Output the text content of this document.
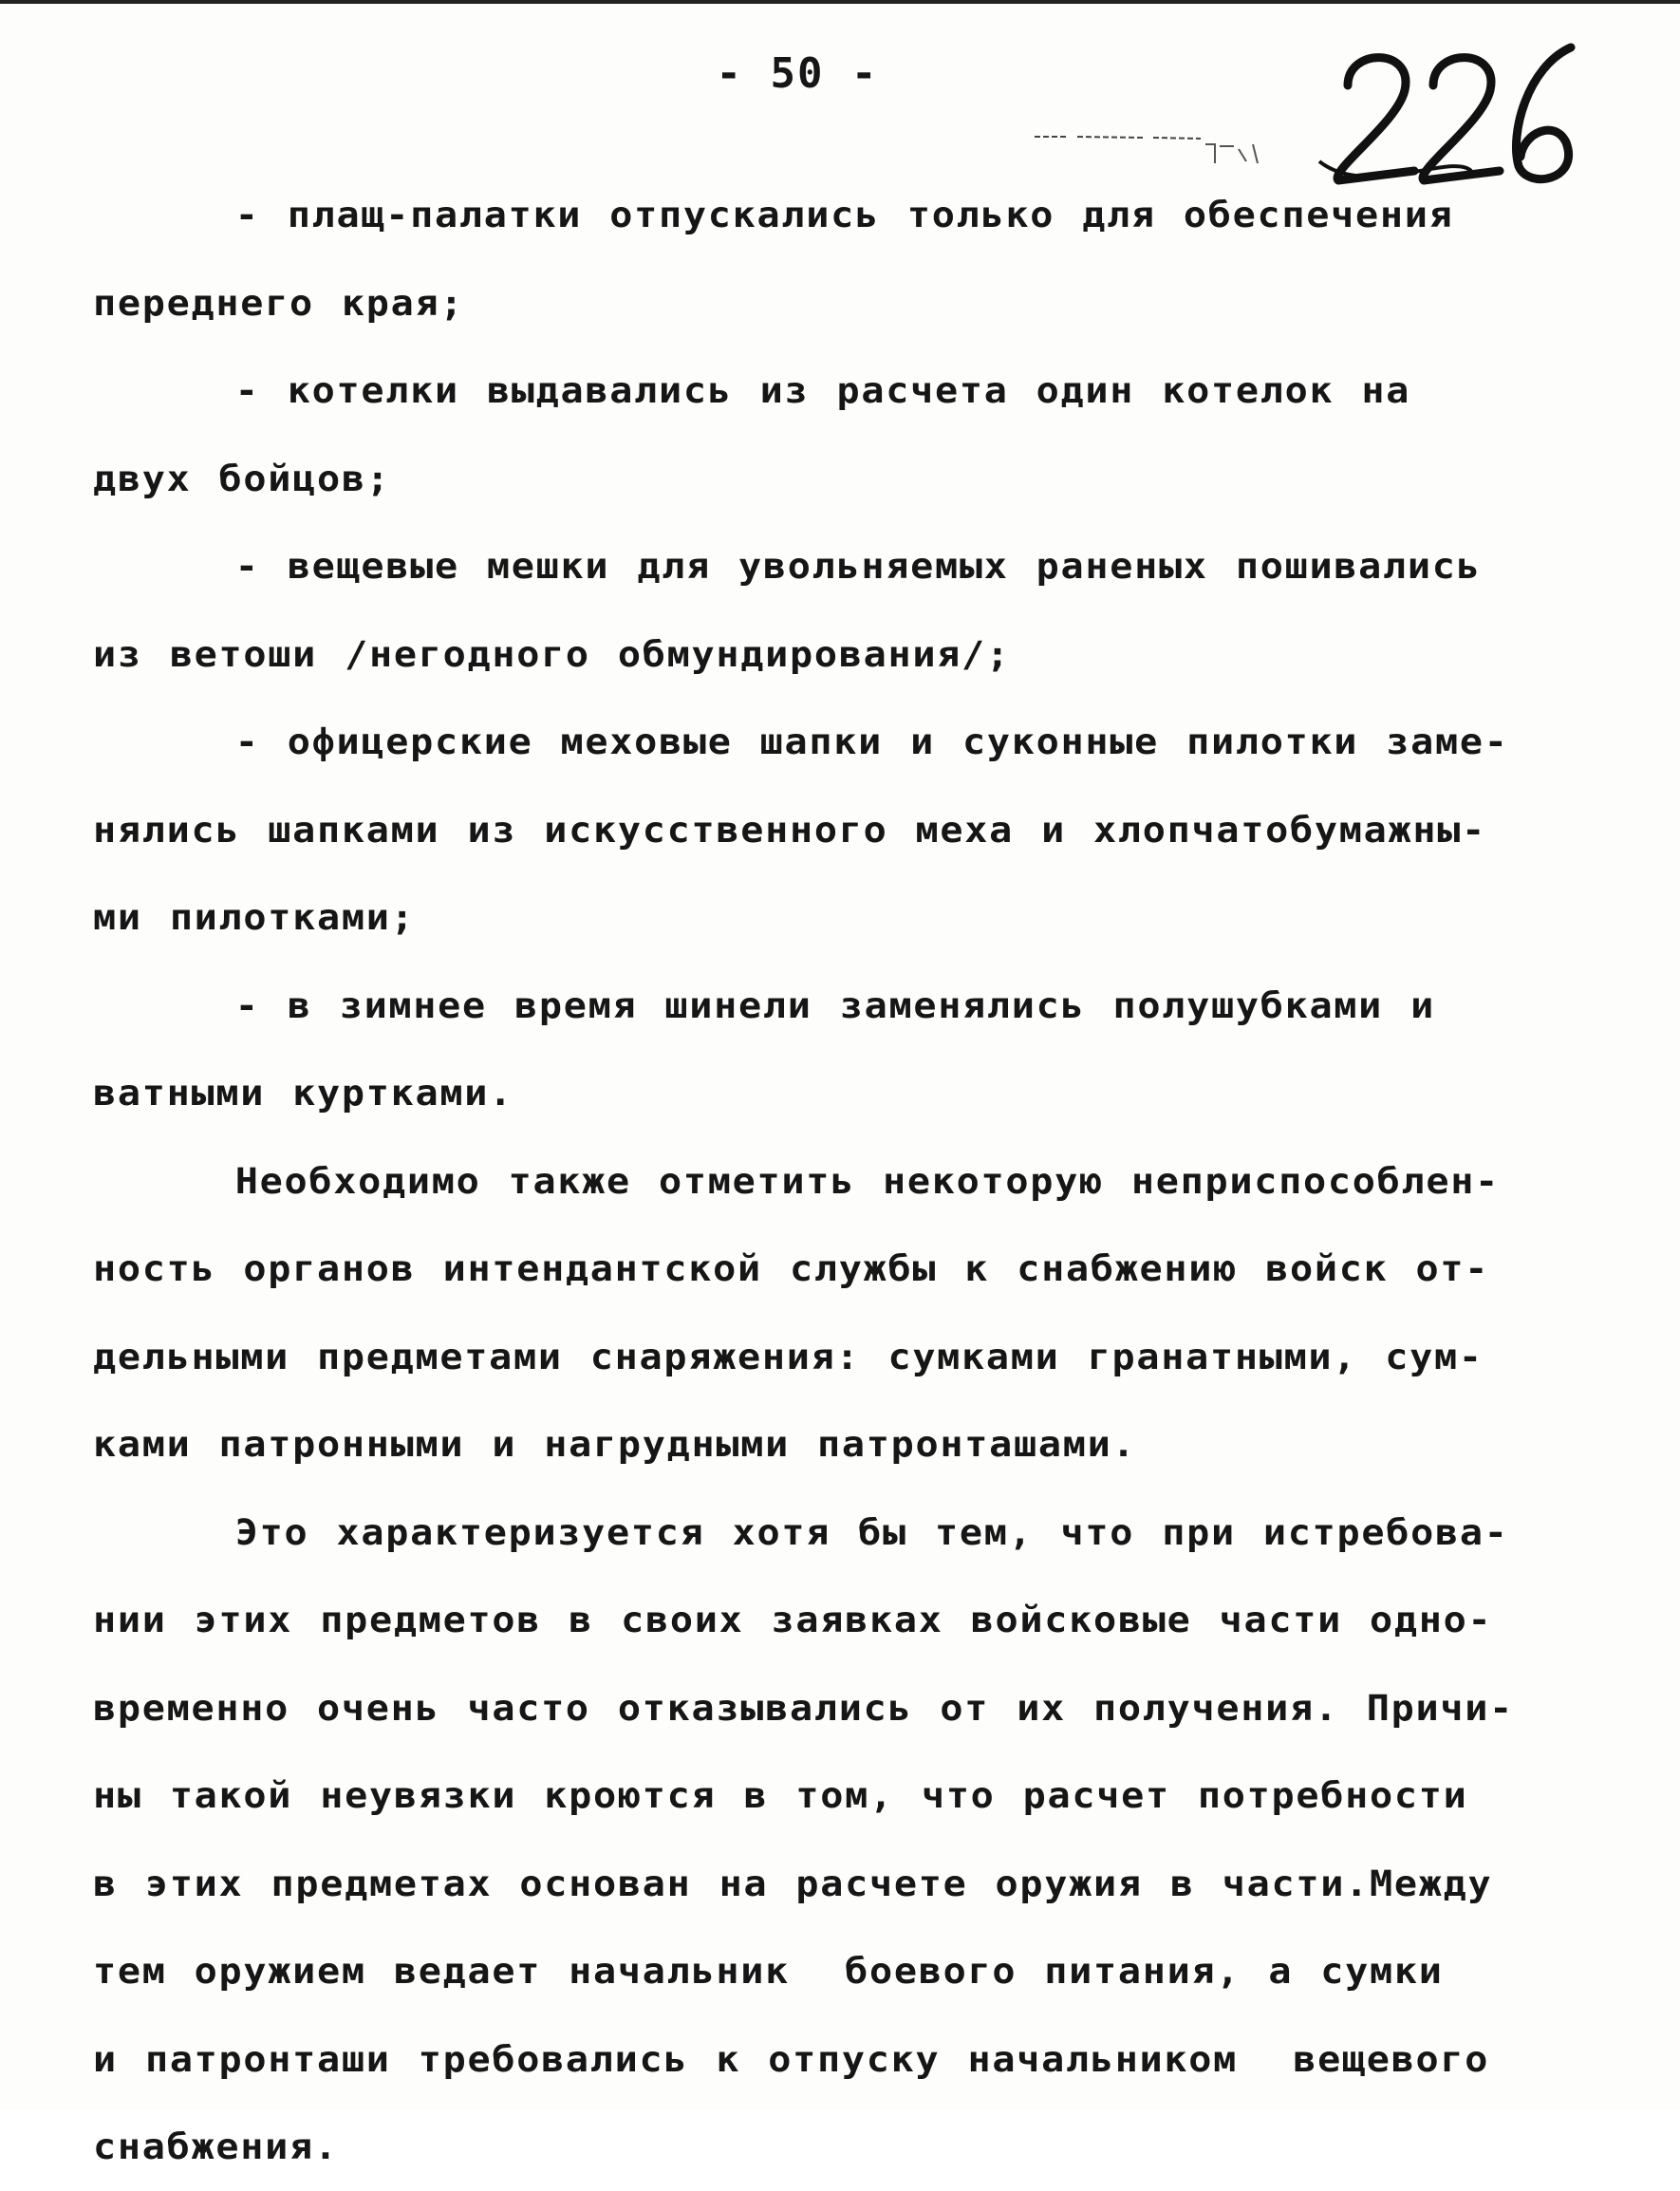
- 50 -
- плащ-палатки отпускались только для обеспечения
переднего края;
- котелки выдавались из расчета один котелок на
двух бойцов;
- вещевые мешки для увольняемых раненых пошивались
из ветоши /негодного обмундирования/;
- офицерские меховые шапки и суконные пилотки заме-
нялись шапками из искусственного меха и хлопчатобумажны-
ми пилотками;
- в зимнее время шинели заменялись полушубками и
ватными куртками.
Необходимо также отметить некоторую неприспособлен-
ность органов интендантской службы к снабжению войск от-
дельными предметами снаряжения: сумками гранатными, сум-
ками патронными и нагрудными патронташами.
Это характеризуется хотя бы тем, что при истребова-
нии этих предметов в своих заявках войсковые части одно-
временно очень часто отказывались от их получения. Причи-
ны такой неувязки кроются в том, что расчет потребности
в этих предметах основан на расчете оружия в части.Между
тем оружием ведает начальник  боевого питания, а сумки
и патронташи требовались к отпуску начальником  вещевого
снабжения.
